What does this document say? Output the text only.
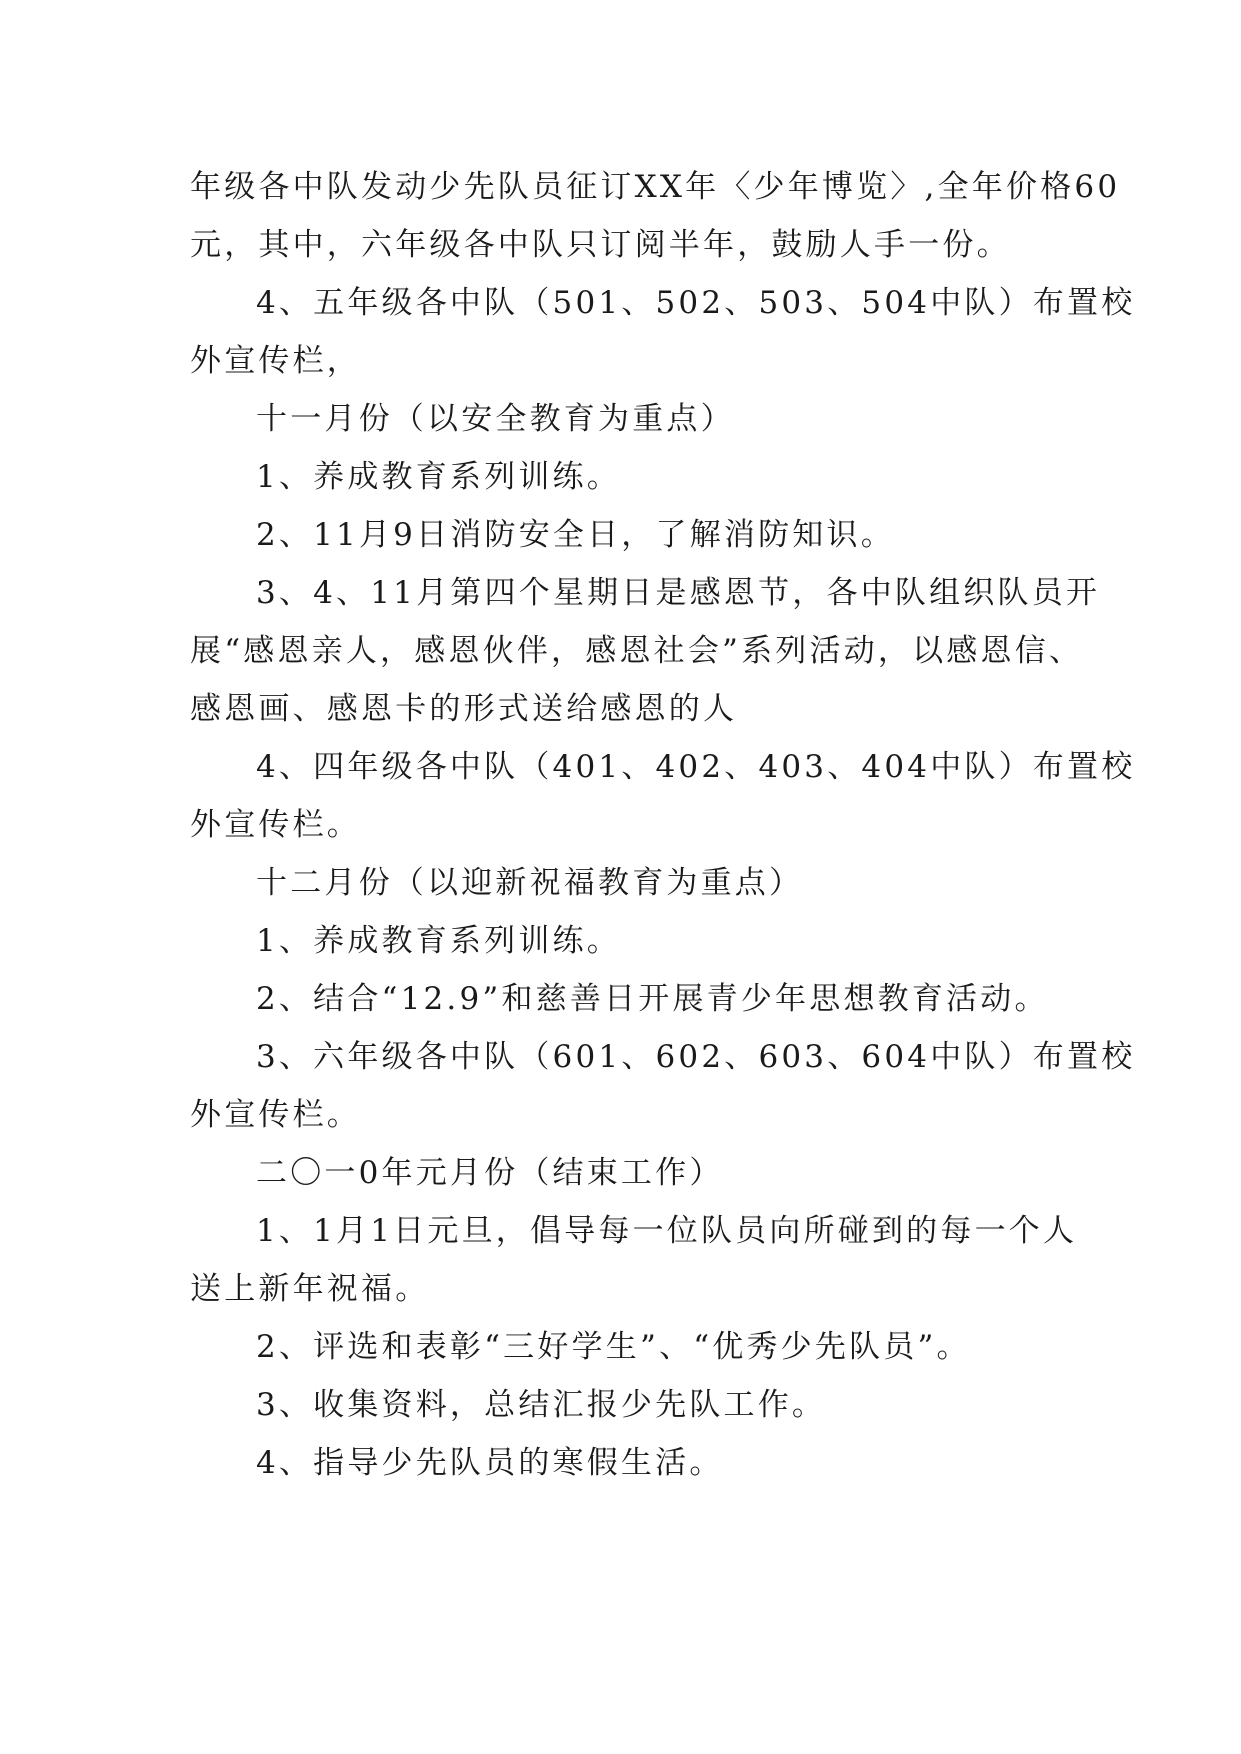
年级各中队发动少先队员征订XX年〈少年博览〉,全年价格60
元，其中，六年级各中队只订阅半年，鼓励人手一份。
4、五年级各中队（501、502、503、504中队）布置校
外宣传栏，
十一月份（以安全教育为重点）
1、养成教育系列训练。
2、11月9日消防安全日，了解消防知识。
3、4、11月第四个星期日是感恩节，各中队组织队员开
展“感恩亲人，感恩伙伴，感恩社会”系列活动，以感恩信、
感恩画、感恩卡的形式送给感恩的人
4、四年级各中队（401、402、403、404中队）布置校
外宣传栏。
十二月份（以迎新祝福教育为重点）
1、养成教育系列训练。
2、结合“12.9”和慈善日开展青少年思想教育活动。
3、六年级各中队（601、602、603、604中队）布置校
外宣传栏。
二〇一0年元月份（结束工作）
1、1月1日元旦，倡导每一位队员向所碰到的每一个人
送上新年祝福。
2、评选和表彰“三好学生”、“优秀少先队员”。
3、收集资料，总结汇报少先队工作。
4、指导少先队员的寒假生活。
